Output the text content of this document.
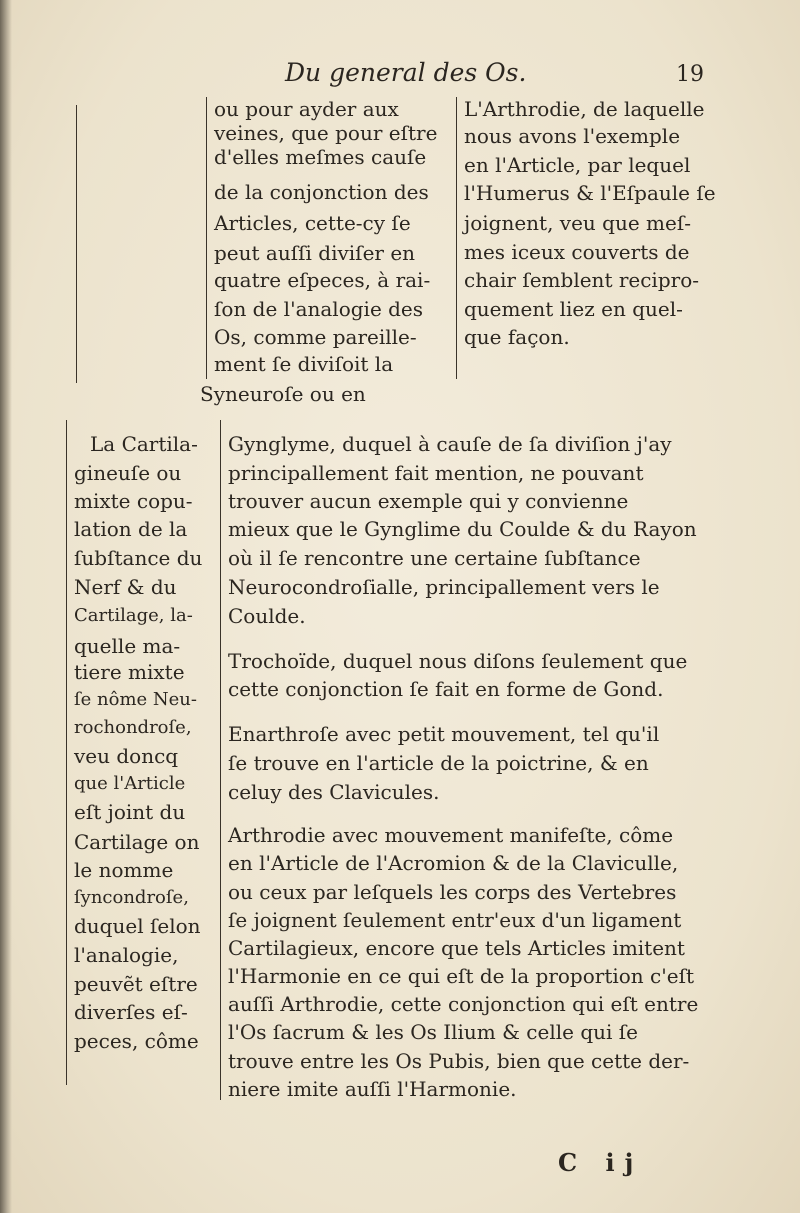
Du general des Os.	19
ou pour ayder aux
veines, que pour eſtre
d'elles meſmes cauſe
de la conjonction des
Articles, cette-cy ſe
peut auſſi diviſer en
quatre eſpeces, à rai-
ſon de l'analogie des
Os, comme pareille-
ment ſe diviſoit la
Syneuroſe ou en
L'Arthrodie, de laquelle
nous avons l'exemple
en l'Article, par lequel
l'Humerus & l'Eſpaule ſe
joignent, veu que meſ-
mes iceux couverts de
chair ſemblent recipro-
quement liez en quel-
que façon.
La Cartila-
gineuſe ou
mixte copu-
lation de la
ſubſtance du
Nerf & du
Cartilage, la-
quelle ma-
tiere mixte
ſe nôme Neu-
rochondroſe,
veu doncq
que l'Article
eſt joint du
Cartilage on
le nomme
ſyncondroſe,
duquel ſelon
l'analogie,
peuvẽt eſtre
diverſes eſ-
peces, côme
Gynglyme, duquel à cauſe de ſa diviſion j'ay
principallement fait mention, ne pouvant
trouver aucun exemple qui y convienne
mieux que le Gynglime du Coulde & du Rayon
où il ſe rencontre une certaine ſubſtance
Neurocondroſialle, principallement vers le
Coulde.
Trochoïde, duquel nous diſons ſeulement que
cette conjonction ſe fait en forme de Gond.
Enarthroſe avec petit mouvement, tel qu'il
ſe trouve en l'article de la poictrine, & en
celuy des Clavicules.
Arthrodie avec mouvement manifeſte, côme
en l'Article de l'Acromion & de la Claviculle,
ou ceux par leſquels les corps des Vertebres
ſe joignent ſeulement entr'eux d'un ligament
Cartilagieux, encore que tels Articles imitent
l'Harmonie en ce qui eſt de la proportion c'eſt
auſſi Arthrodie, cette conjonction qui eſt entre
l'Os ſacrum & les Os Ilium & celle qui ſe
trouve entre les Os Pubis, bien que cette der-
niere imite auſſi l'Harmonie.
C ij
